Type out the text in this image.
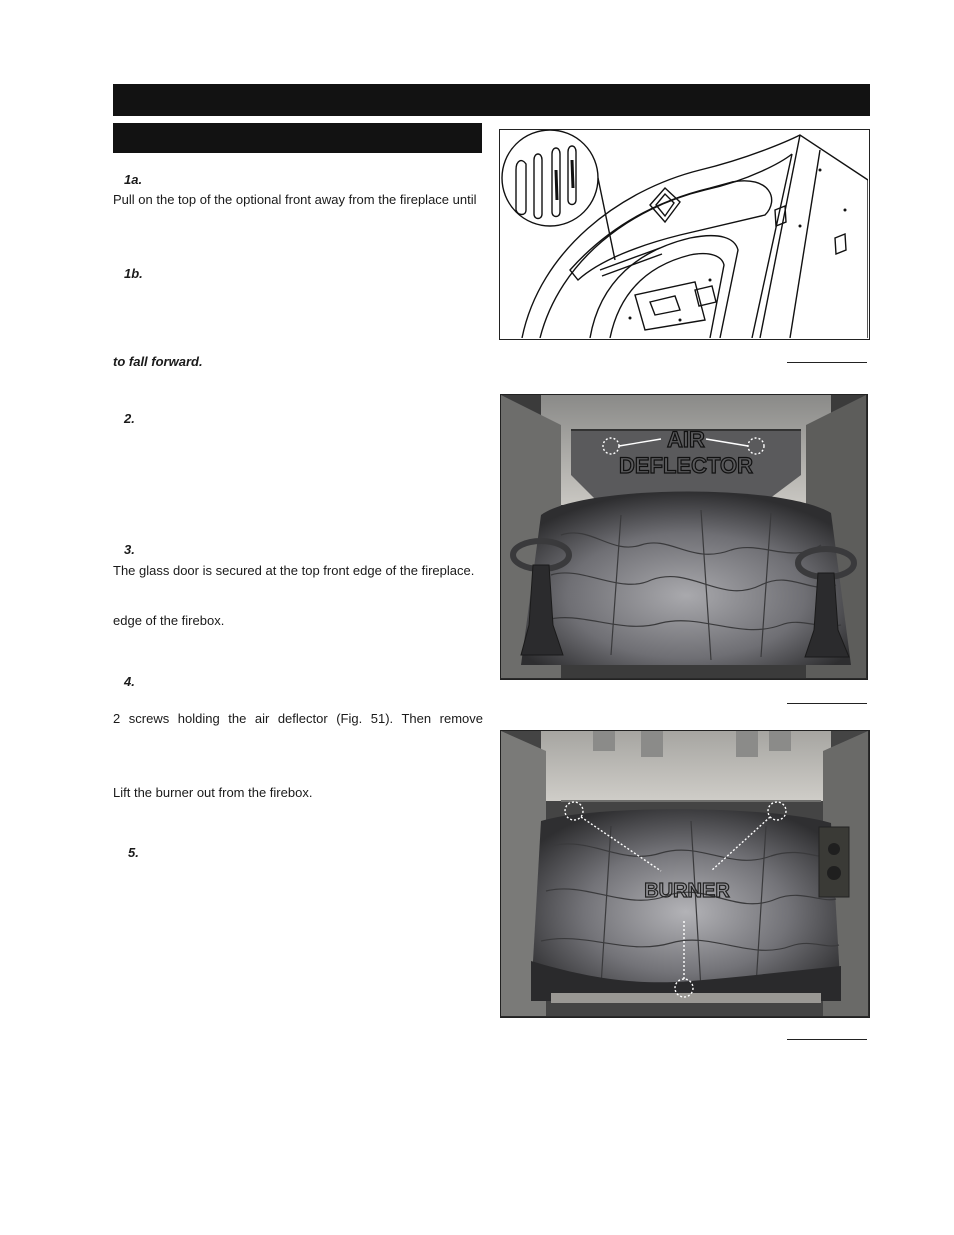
1a.
Pull on the top of the optional front away from the fireplace until
1b.
to fall forward.
2.
3.
The glass door is secured at the top front edge of the fireplace.
edge of the firebox.
4.
2 screws holding the air deflector (Fig. 51). Then remove
Lift the burner out from the firebox.
5.
AIR
DEFLECTOR
BURNER
